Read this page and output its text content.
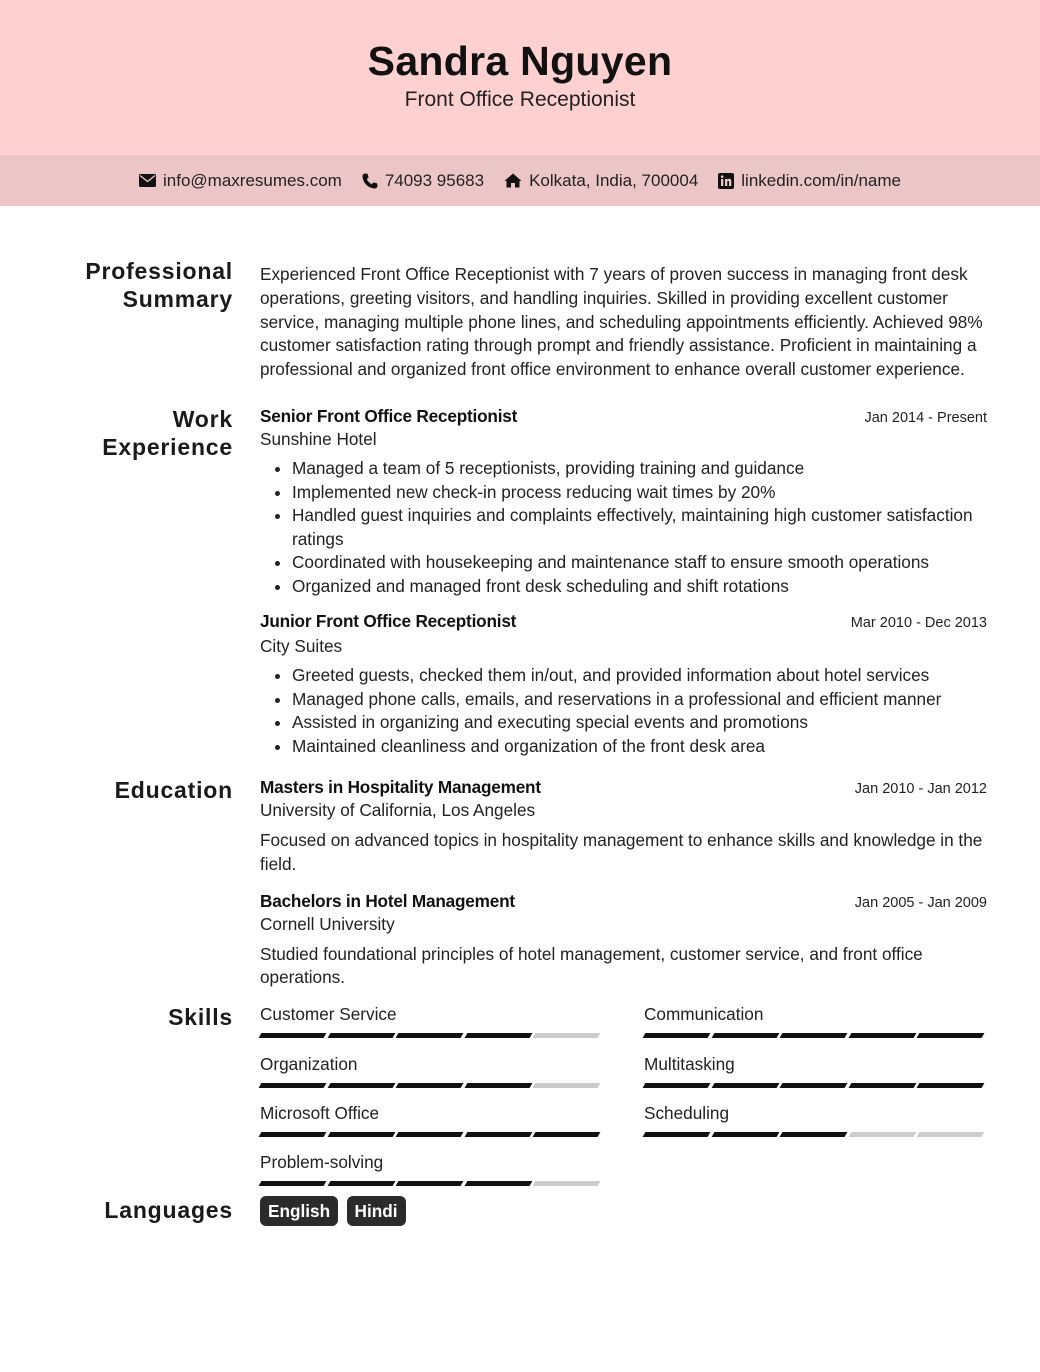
Sandra Nguyen
Front Office Receptionist
info@maxresumes.com	74093 95683	Kolkata, India, 700004	linkedin.com/in/name
Professional
Summary

Experienced Front Office Receptionist with 7 years of proven success in managing front desk operations, greeting visitors, and handling inquiries. Skilled in providing excellent customer service, managing multiple phone lines, and scheduling appointments efficiently. Achieved 98% customer satisfaction rating through prompt and friendly assistance. Proficient in maintaining a professional and organized front office environment to enhance overall customer experience.

Work
Experience
Senior Front Office Receptionist	Jan 2014 - Present
Sunshine Hotel
• Managed a team of 5 receptionists, providing training and guidance
• Implemented new check-in process reducing wait times by 20%
• Handled guest inquiries and complaints effectively, maintaining high customer satisfaction ratings
• Coordinated with housekeeping and maintenance staff to ensure smooth operations
• Organized and managed front desk scheduling and shift rotations
Junior Front Office Receptionist	Mar 2010 - Dec 2013
City Suites
• Greeted guests, checked them in/out, and provided information about hotel services
• Managed phone calls, emails, and reservations in a professional and efficient manner
• Assisted in organizing and executing special events and promotions
• Maintained cleanliness and organization of the front desk area
Education Masters in Hospitality Management	Jan 2010 - Jan 2012
University of California, Los Angeles

Focused on advanced topics in hospitality management to enhance skills and knowledge in the field.

Bachelors in Hotel Management	Jan 2005 - Jan 2009
Cornell University

Studied foundational principles of hotel management, customer service, and front office operations.

Skills Customer Service	Communication
Organization	Multitasking
Microsoft Office	Scheduling
Problem-solving
Languages	English Hindi
